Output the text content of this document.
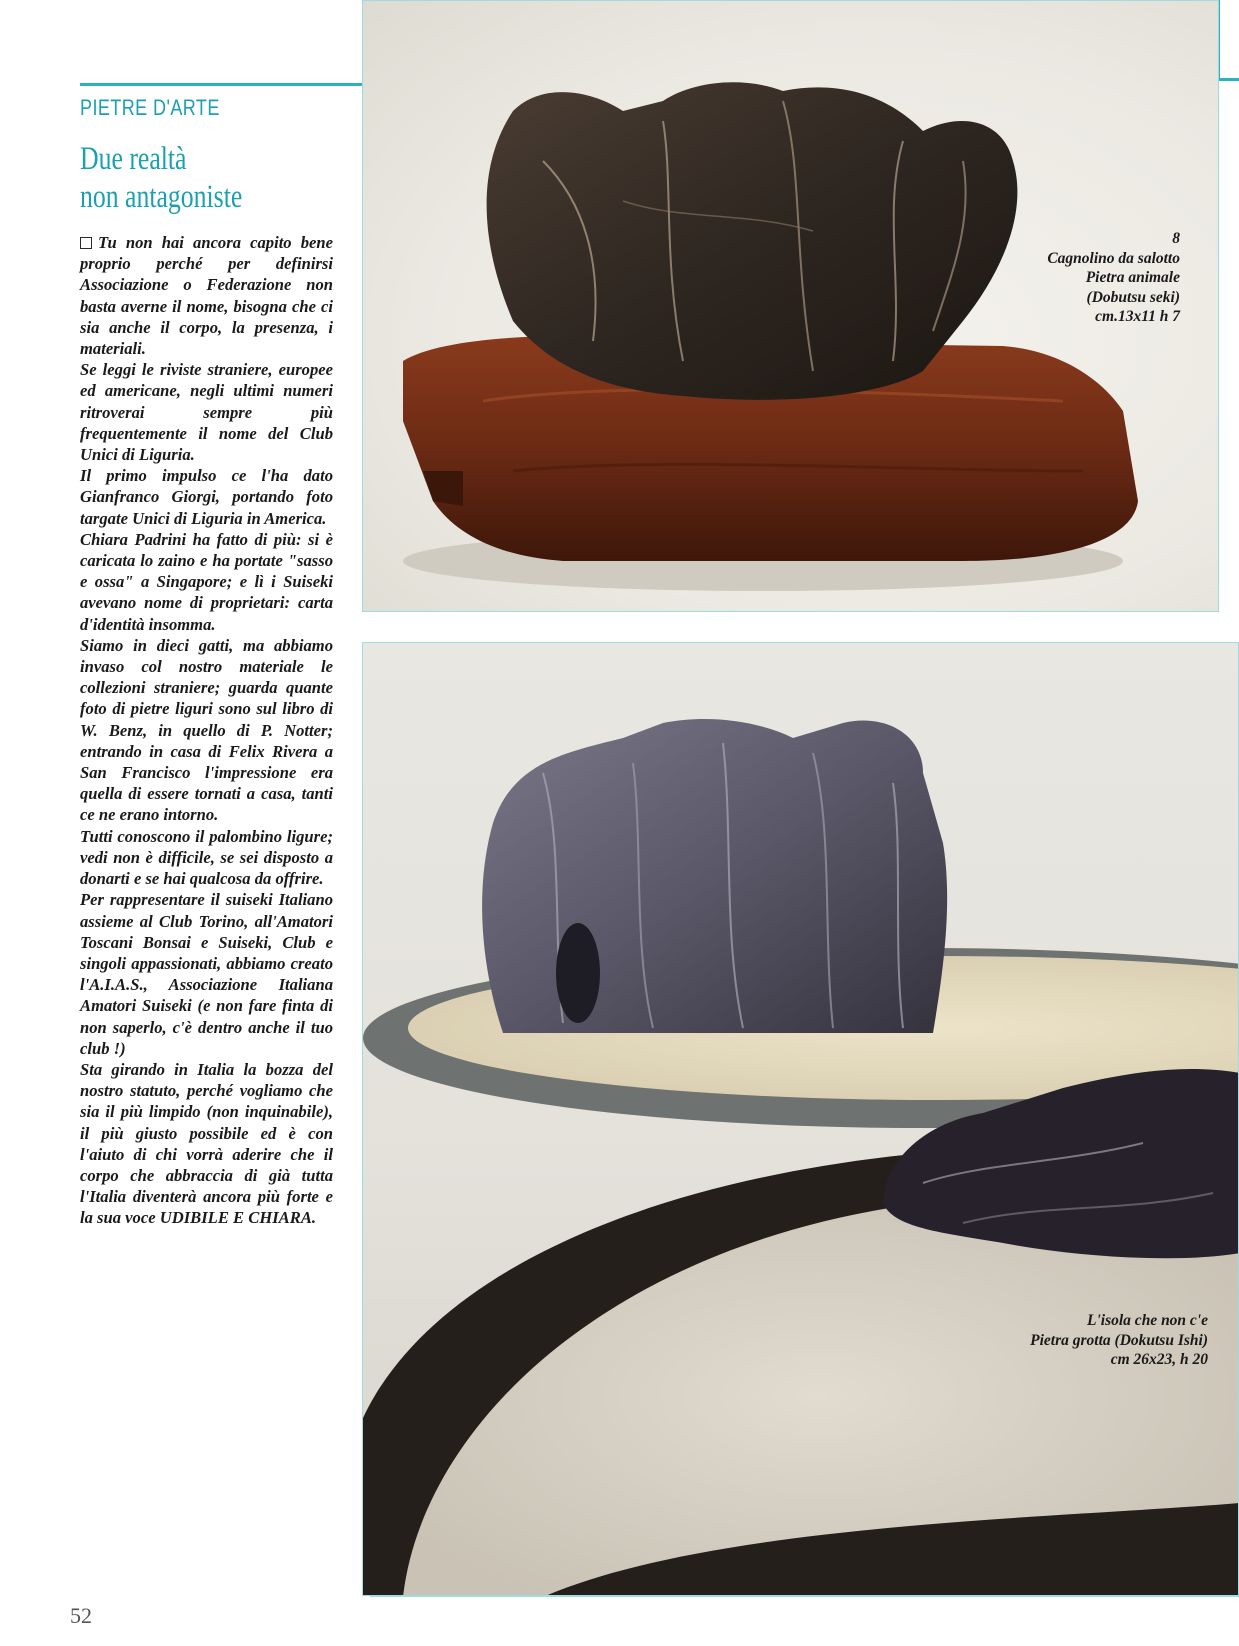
PIETRE D'ARTE
Due realtà
non antagoniste

Tu non hai ancora capito bene proprio perché per definirsi Associazione o Federazione non basta averne il nome, bisogna che ci sia anche il corpo, la presenza, i materiali.

Se leggi le riviste straniere, europee ed americane, negli ultimi numeri ritroverai sempre più frequentemente il nome del Club Unici di Liguria.

Il primo impulso ce l'ha dato Gianfranco Giorgi, portando foto targate Unici di Liguria in America.

Chiara Padrini ha fatto di più: si è caricata lo zaino e ha portate "sasso e ossa" a Singapore; e lì i Suiseki avevano nome di proprietari: carta d'identità insomma.

Siamo in dieci gatti, ma abbiamo invaso col nostro materiale le collezioni straniere; guarda quante foto di pietre liguri sono sul libro di W. Benz, in quello di P. Notter; entrando in casa di Felix Rivera a San Francisco l'impressione era quella di essere tornati a casa, tanti ce ne erano intorno.

Tutti conoscono il palombino ligure; vedi non è difficile, se sei disposto a donarti e se hai qualcosa da offrire.

Per rappresentare il suiseki Italiano assieme al Club Torino, all'Amatori Toscani Bonsai e Suiseki, Club e singoli appassionati, abbiamo creato l'A.I.A.S., Associazione Italiana Amatori Suiseki (e non fare finta di non saperlo, c'è dentro anche il tuo club !)

Sta girando in Italia la bozza del nostro statuto, perché vogliamo che sia il più limpido (non inquinabile), il più giusto possibile ed è con l'aiuto di chi vorrà aderire che il corpo che abbraccia di già tutta l'Italia diventerà ancora più forte e la sua voce UDIBILE E CHIARA.

8
Cagnolino da salotto
Pietra animale
(Dobutsu seki)
cm.13x11 h 7
L'isola che non c'e
Pietra grotta (Dokutsu Ishi)
cm 26x23, h 20
52
